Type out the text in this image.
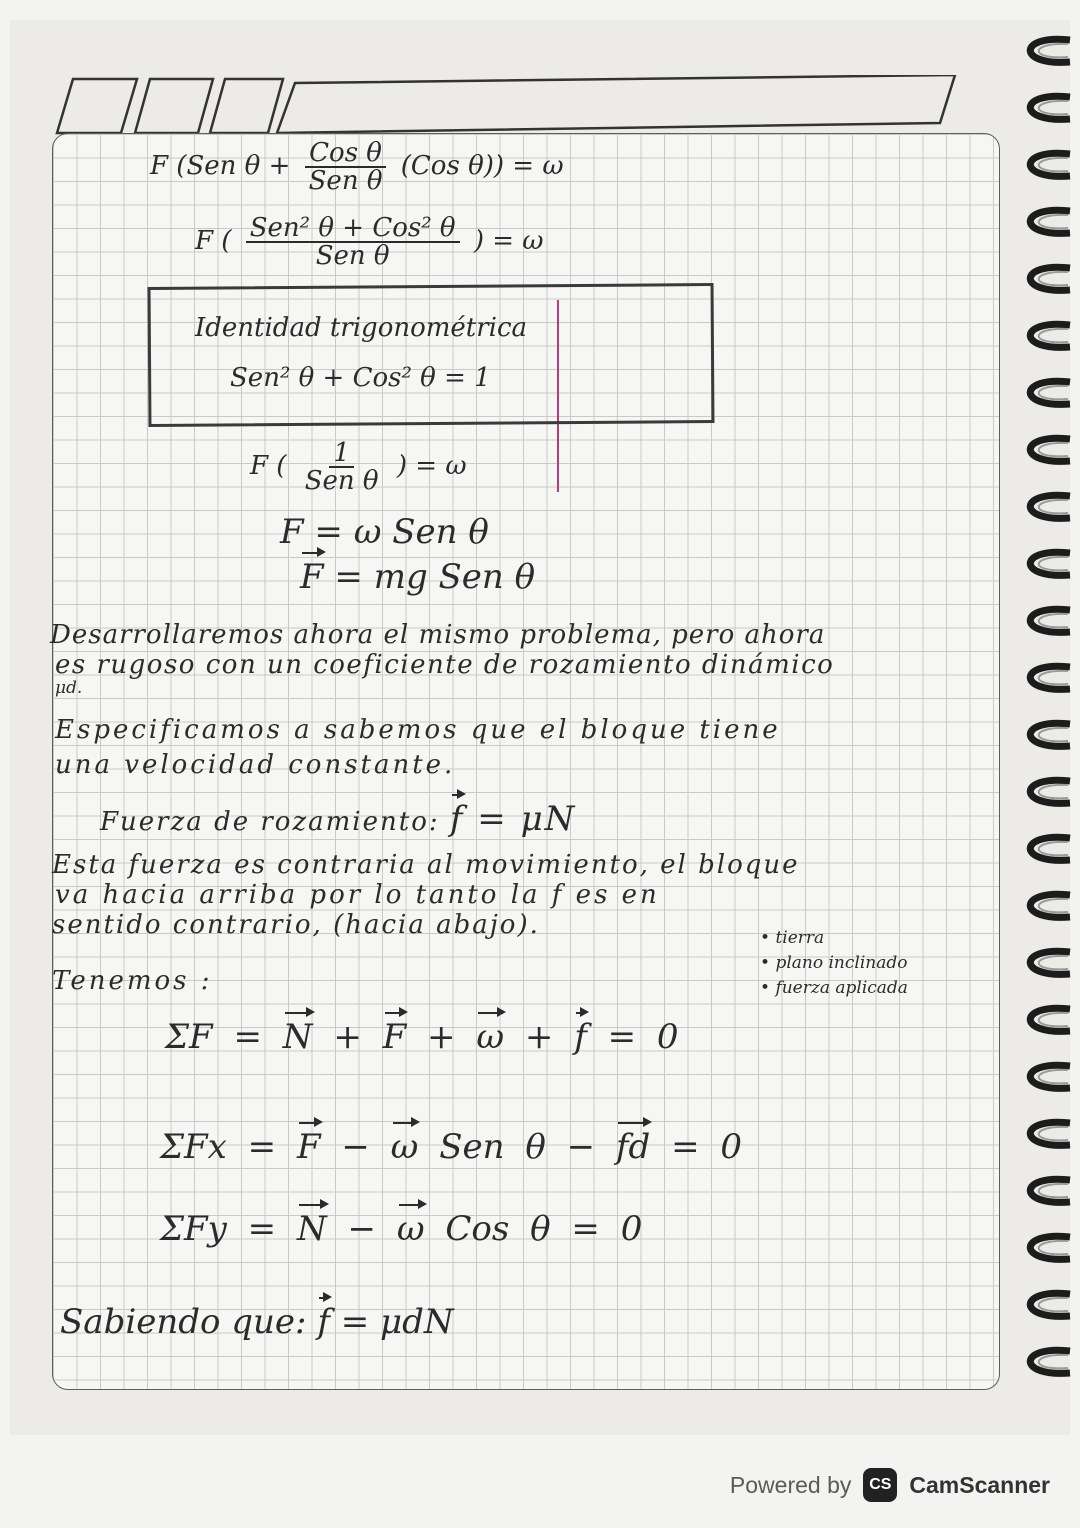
F (Sen $\theta + \frac{\text{Cos θ}}{\text{Sen θ}} (Cos$ θ)) = ω
F ( $\frac{\text{Sen² θ + Cos² θ}}{\text{Sen θ}}$ ) = ω
Identidad trigonométrica
Sen² θ + Cos² θ = 1
F ( $\frac{1}{\text{Sen θ}}$ ) = ω
F = ω Sen θ
F = mg Sen θ
Desarrollaremos ahora el mismo problema, pero ahora
es rugoso con un coeficiente de rozamiento dinámico
μd.
Especificamos a sabemos que el bloque tiene
una velocidad constante.
Fuerza de rozamiento: f = μN
Esta fuerza es contraria al movimiento, el bloque
va hacia arriba por lo tanto la f es en
sentido contrario, (hacia abajo).	• tierra
• plano inclinado
• fuerza aplicada
Tenemos :
ΣF = N + F + ω + f = 0
ΣFx = F − ω Sen θ − fd = 0
ΣFy = N − ω Cos θ = 0
Sabiendo que: f = μdN
Powered by	CS CamScanner
